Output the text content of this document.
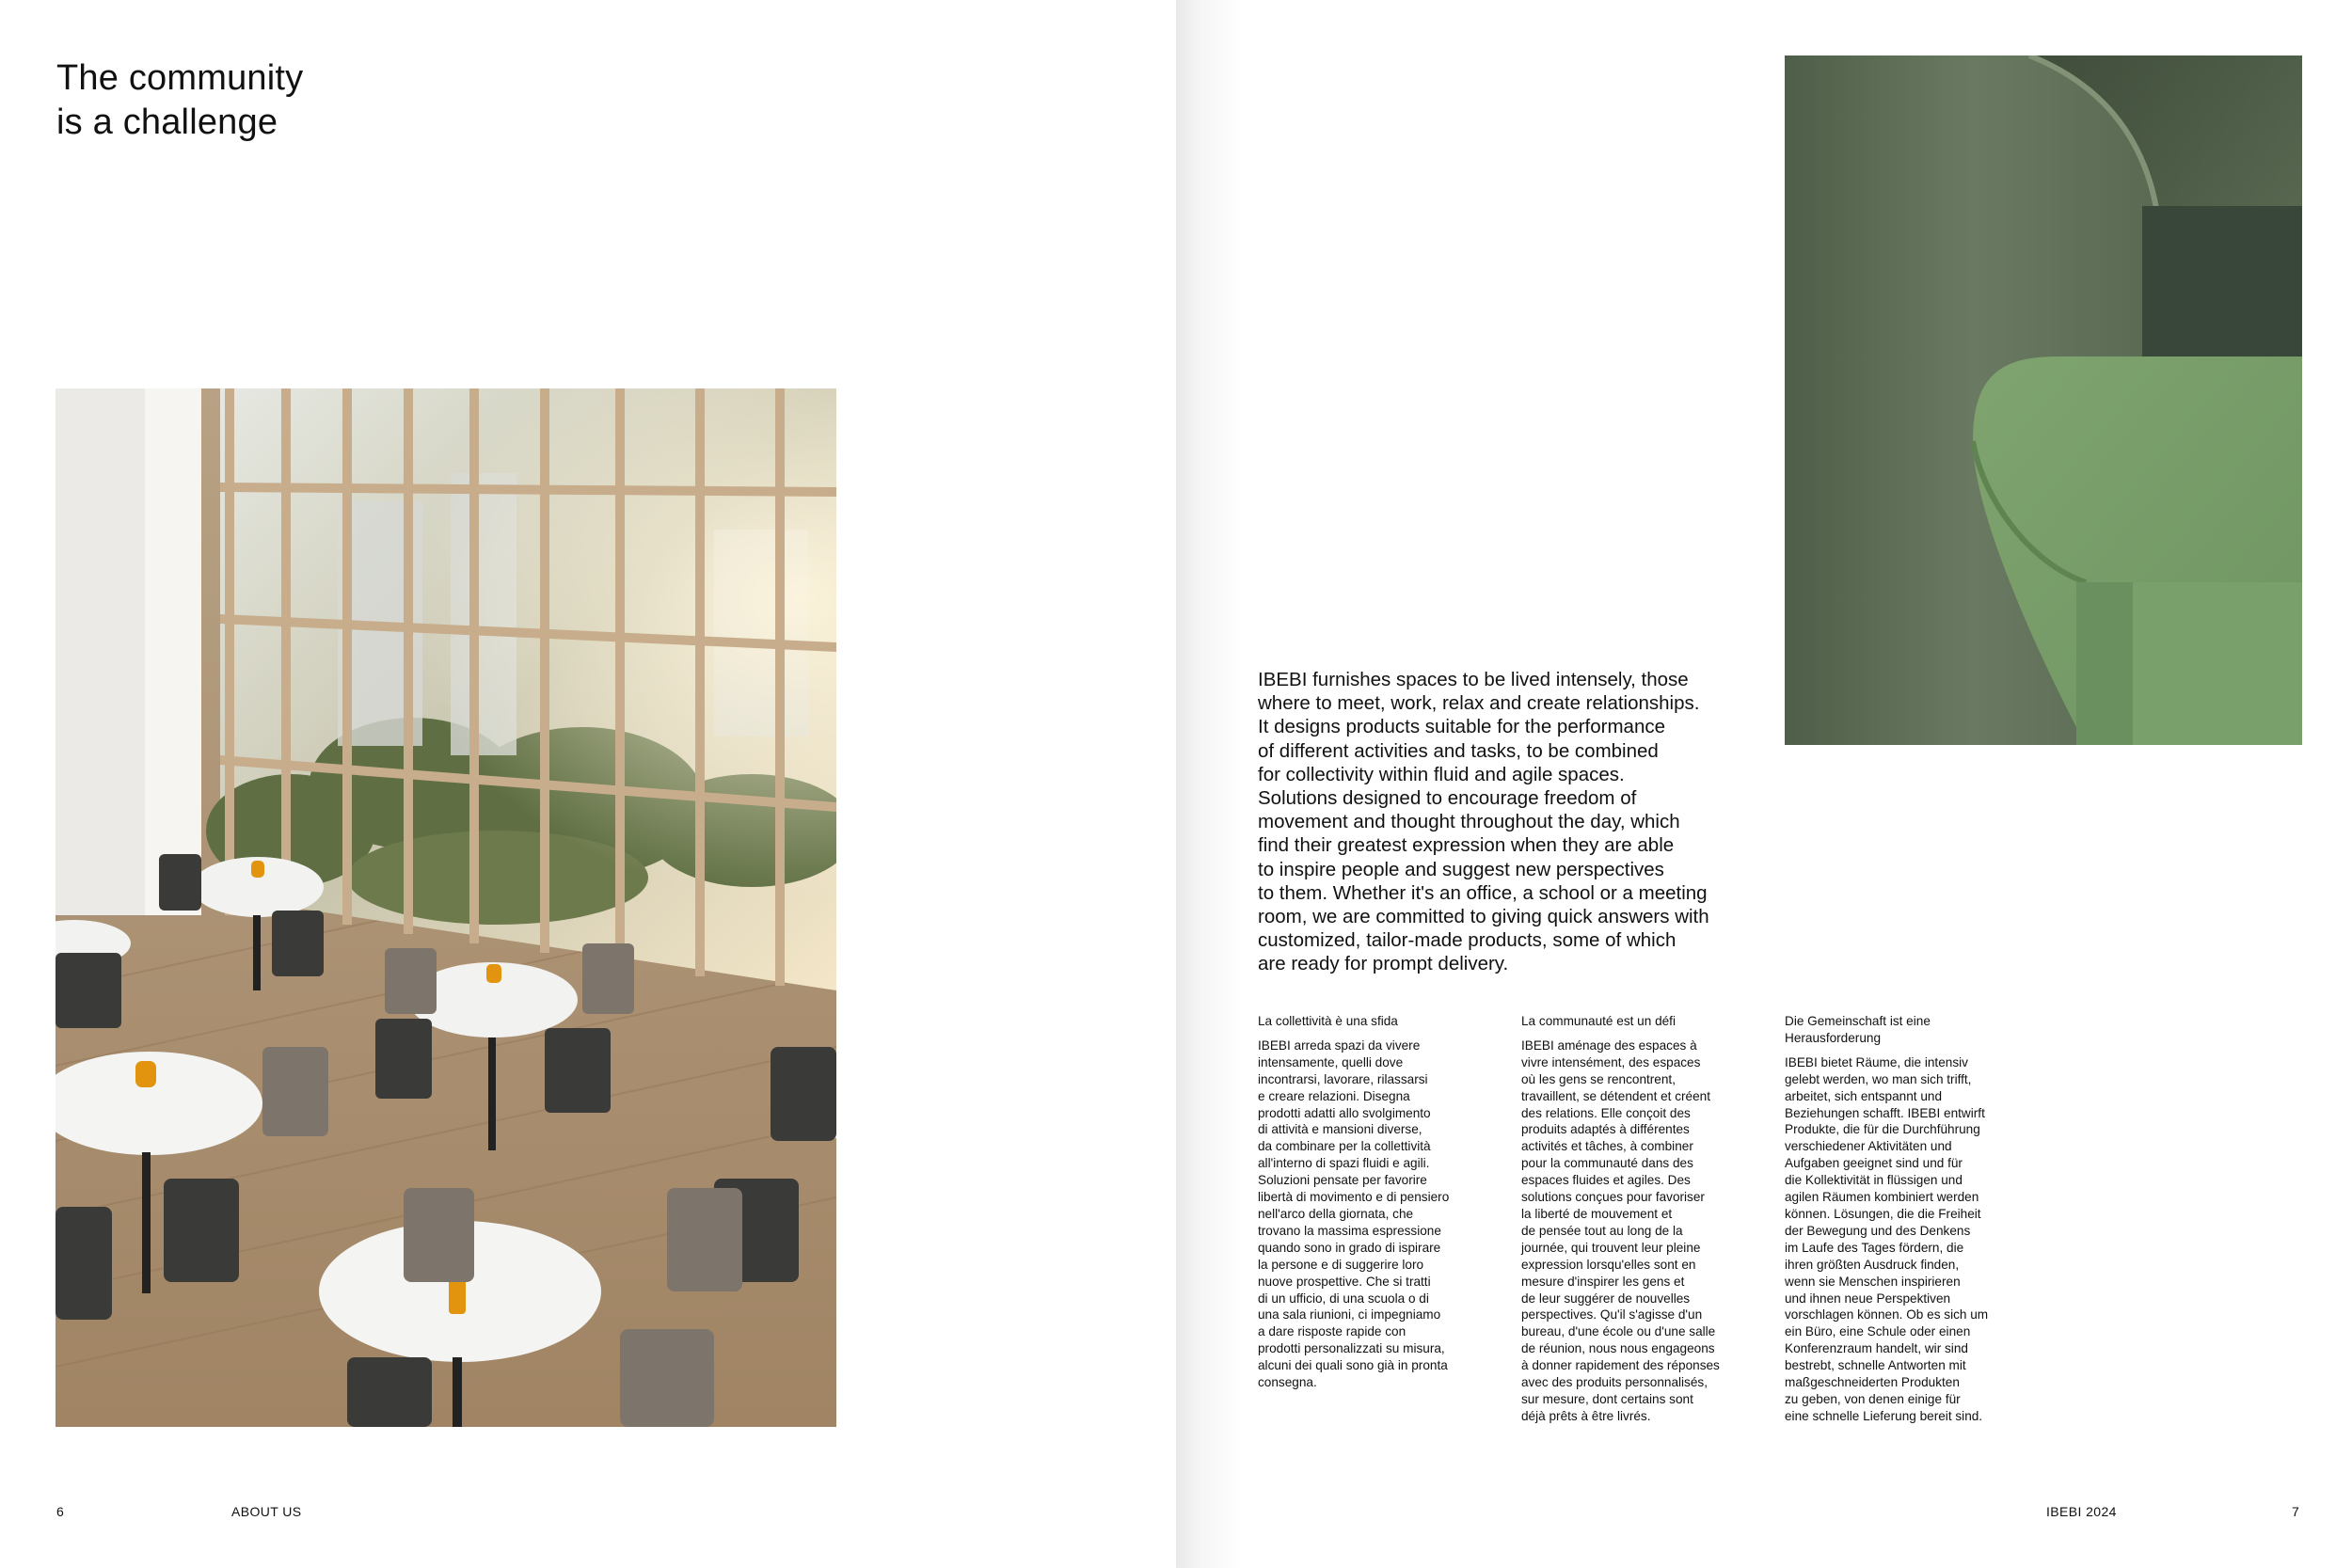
The community
is a challenge
6	ABOUT US

IBEBI furnishes spaces to be lived intensely, those
where to meet, work, relax and create relationships.
It designs products suitable for the performance
of different activities and tasks, to be combined
for collectivity within fluid and agile spaces.
Solutions designed to encourage freedom of
movement and thought throughout the day, which
find their greatest expression when they are able
to inspire people and suggest new perspectives
to them. Whether it's an office, a school or a meeting
room, we are committed to giving quick answers with
customized, tailor-made products, some of which
are ready for prompt delivery.

La collettività è una sfida

IBEBI arreda spazi da vivere
intensamente, quelli dove
incontrarsi, lavorare, rilassarsi
e creare relazioni. Disegna
prodotti adatti allo svolgimento
di attività e mansioni diverse,
da combinare per la collettività
all'interno di spazi fluidi e agili.
Soluzioni pensate per favorire
libertà di movimento e di pensiero
nell'arco della giornata, che
trovano la massima espressione
quando sono in grado di ispirare
la persone e di suggerire loro
nuove prospettive. Che si tratti
di un ufficio, di una scuola o di
una sala riunioni, ci impegniamo
a dare risposte rapide con
prodotti personalizzati su misura,
alcuni dei quali sono già in pronta
consegna.

La communauté est un défi

IBEBI aménage des espaces à
vivre intensément, des espaces
où les gens se rencontrent,
travaillent, se détendent et créent
des relations. Elle conçoit des
produits adaptés à différentes
activités et tâches, à combiner
pour la communauté dans des
espaces fluides et agiles. Des
solutions conçues pour favoriser
la liberté de mouvement et
de pensée tout au long de la
journée, qui trouvent leur pleine
expression lorsqu'elles sont en
mesure d'inspirer les gens et
de leur suggérer de nouvelles
perspectives. Qu'il s'agisse d'un
bureau, d'une école ou d'une salle
de réunion, nous nous engageons
à donner rapidement des réponses
avec des produits personnalisés,
sur mesure, dont certains sont
déjà prêts à être livrés.

Die Gemeinschaft ist eine
Herausforderung

IBEBI bietet Räume, die intensiv
gelebt werden, wo man sich trifft,
arbeitet, sich entspannt und
Beziehungen schafft. IBEBI entwirft
Produkte, die für die Durchführung
verschiedener Aktivitäten und
Aufgaben geeignet sind und für
die Kollektivität in flüssigen und
agilen Räumen kombiniert werden
können. Lösungen, die die Freiheit
der Bewegung und des Denkens
im Laufe des Tages fördern, die
ihren größten Ausdruck finden,
wenn sie Menschen inspirieren
und ihnen neue Perspektiven
vorschlagen können. Ob es sich um
ein Büro, eine Schule oder einen
Konferenzraum handelt, wir sind
bestrebt, schnelle Antworten mit
maßgeschneiderten Produkten
zu geben, von denen einige für
eine schnelle Lieferung bereit sind.

IBEBI 2024	7
